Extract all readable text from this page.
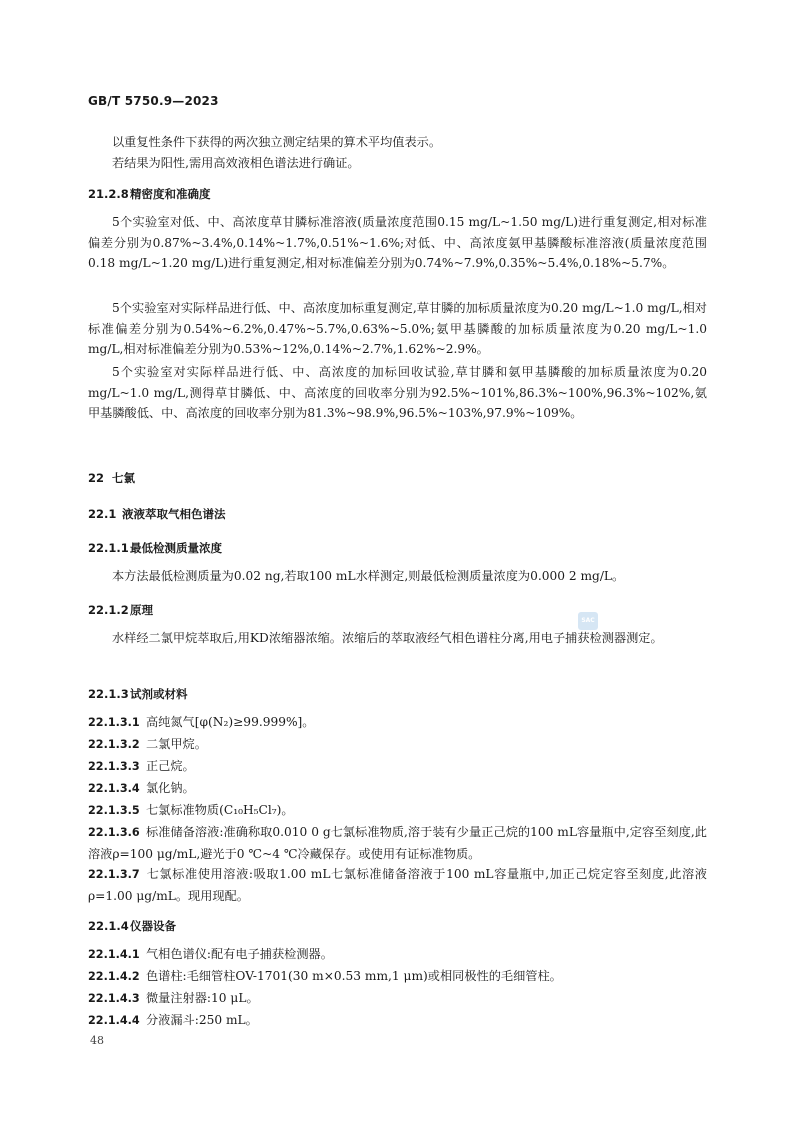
GB/T 5750.9—2023
以重复性条件下获得的两次独立测定结果的算术平均值表示。
若结果为阳性,需用高效液相色谱法进行确证。
21.2.8精密度和准确度
5个实验室对低、中、高浓度草甘膦标准溶液(质量浓度范围0.15 mg/L~1.50 mg/L)进行重复测定,相对标准偏差分别为0.87%~3.4%,0.14%~1.7%,0.51%~1.6%;对低、中、高浓度氨甲基膦酸标准溶液(质量浓度范围0.18 mg/L~1.20 mg/L)进行重复测定,相对标准偏差分别为0.74%~7.9%,0.35%~5.4%,0.18%~5.7%。
5个实验室对实际样品进行低、中、高浓度加标重复测定,草甘膦的加标质量浓度为0.20 mg/L~1.0 mg/L,相对标准偏差分别为0.54%~6.2%,0.47%~5.7%,0.63%~5.0%;氨甲基膦酸的加标质量浓度为0.20 mg/L~1.0 mg/L,相对标准偏差分别为0.53%~12%,0.14%~2.7%,1.62%~2.9%。
5个实验室对实际样品进行低、中、高浓度的加标回收试验,草甘膦和氨甲基膦酸的加标质量浓度为0.20 mg/L~1.0 mg/L,测得草甘膦低、中、高浓度的回收率分别为92.5%~101%,86.3%~100%,96.3%~102%,氨甲基膦酸低、中、高浓度的回收率分别为81.3%~98.9%,96.5%~103%,97.9%~109%。
22 七氯
22.1 液液萃取气相色谱法
22.1.1最低检测质量浓度
本方法最低检测质量为0.02 ng,若取100 mL水样测定,则最低检测质量浓度为0.000 2 mg/L。
22.1.2原理
SAC
水样经二氯甲烷萃取后,用KD浓缩器浓缩。浓缩后的萃取液经气相色谱柱分离,用电子捕获检测器测定。
22.1.3试剂或材料
22.1.3.1 高纯氮气[φ(N₂)≥99.999%]。
22.1.3.2 二氯甲烷。
22.1.3.3 正己烷。
22.1.3.4 氯化钠。
22.1.3.5 七氯标准物质(C₁₀H₅Cl₇)。
22.1.3.6 标准储备溶液:准确称取0.010 0 g七氯标准物质,溶于装有少量正己烷的100 mL容量瓶中,定容至刻度,此溶液ρ=100 μg/mL,避光于0 ℃~4 ℃冷藏保存。或使用有证标准物质。
22.1.3.7 七氯标准使用溶液:吸取1.00 mL七氯标准储备溶液于100 mL容量瓶中,加正己烷定容至刻度,此溶液ρ=1.00 μg/mL。现用现配。
22.1.4仪器设备
22.1.4.1 气相色谱仪:配有电子捕获检测器。
22.1.4.2 色谱柱:毛细管柱OV-1701(30 m×0.53 mm,1 μm)或相同极性的毛细管柱。
22.1.4.3 微量注射器:10 μL。
22.1.4.4 分液漏斗:250 mL。
48
